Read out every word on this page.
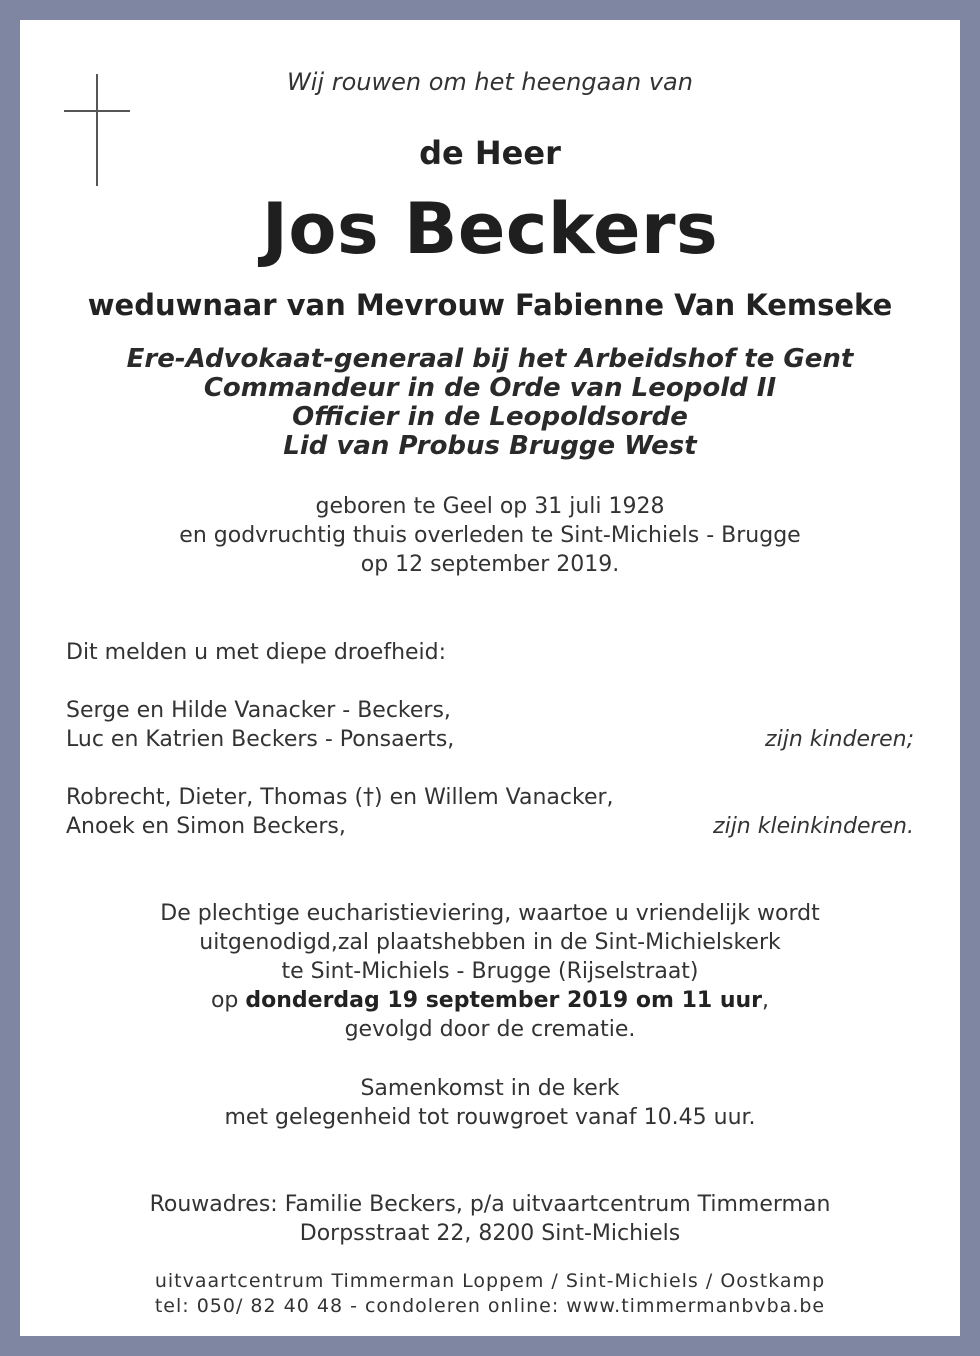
Wij rouwen om het heengaan van
de Heer
Jos Beckers
weduwnaar van Mevrouw Fabienne Van Kemseke
Ere-Advokaat-generaal bij het Arbeidshof te Gent
Commandeur in de Orde van Leopold II
Officier in de Leopoldsorde
Lid van Probus Brugge West
geboren te Geel op 31 juli 1928
en godvruchtig thuis overleden te Sint-Michiels - Brugge
op 12 september 2019.
Dit melden u met diepe droefheid:
Serge en Hilde Vanacker - Beckers,
Luc en Katrien Beckers - Ponsaerts,	zijn kinderen;
Robrecht, Dieter, Thomas (†) en Willem Vanacker,
Anoek en Simon Beckers,	zijn kleinkinderen.
De plechtige eucharistieviering, waartoe u vriendelijk wordt
uitgenodigd,zal plaatshebben in de Sint-Michielskerk
te Sint-Michiels - Brugge (Rijselstraat)
op donderdag 19 september 2019 om 11 uur,
gevolgd door de crematie.
Samenkomst in de kerk
met gelegenheid tot rouwgroet vanaf 10.45 uur.
Rouwadres: Familie Beckers, p/a uitvaartcentrum Timmerman
Dorpsstraat 22, 8200 Sint-Michiels
uitvaartcentrum Timmerman Loppem / Sint-Michiels / Oostkamp
tel: 050/ 82 40 48 - condoleren online: www.timmermanbvba.be
